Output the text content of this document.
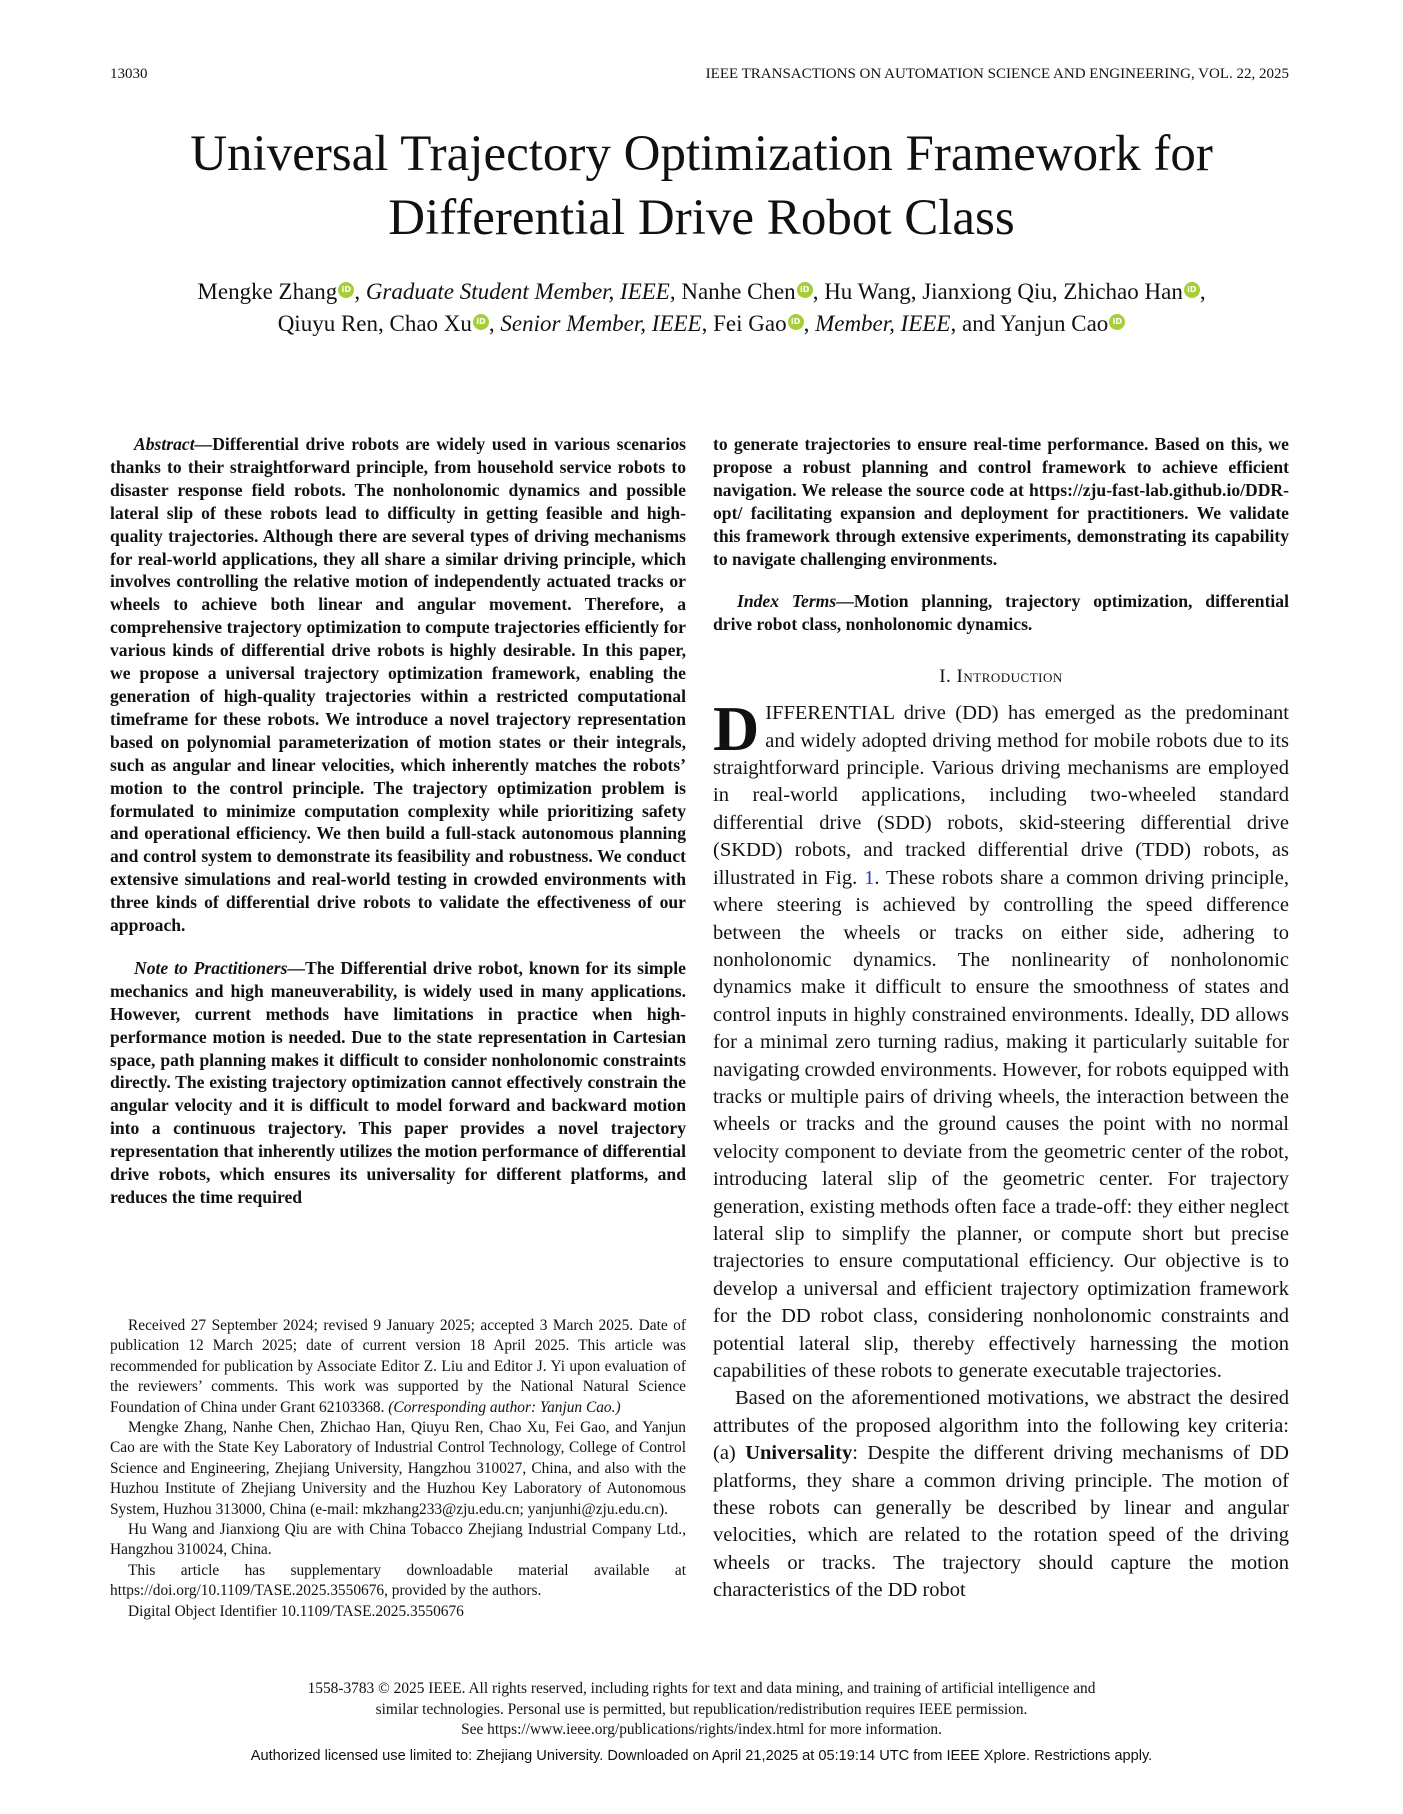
13030	IEEE TRANSACTIONS ON AUTOMATION SCIENCE AND ENGINEERING, VOL. 22, 2025
Universal Trajectory Optimization Framework for Differential Drive Robot Class
Mengke Zhang iD , Graduate Student Member, IEEE, Nanhe Chen iD , Hu Wang, Jianxiong Qiu, Zhichao Han iD ,
Qiuyu Ren, Chao Xu iD , Senior Member, IEEE, Fei Gao iD , Member, IEEE, and Yanjun Cao iD

Abstract—Differential drive robots are widely used in various scenarios thanks to their straightforward principle, from household service robots to disaster response field robots. The nonholonomic dynamics and possible lateral slip of these robots lead to difficulty in getting feasible and high-quality trajectories. Although there are several types of driving mechanisms for real-world applications, they all share a similar driving principle, which involves controlling the relative motion of independently actuated tracks or wheels to achieve both linear and angular movement. Therefore, a comprehensive trajectory optimization to compute trajectories efficiently for various kinds of differential drive robots is highly desirable. In this paper, we propose a universal trajectory optimization framework, enabling the generation of high-quality trajectories within a restricted computational timeframe for these robots. We introduce a novel trajectory representation based on polynomial parameterization of motion states or their integrals, such as angular and linear velocities, which inherently matches the robots’ motion to the control principle. The trajectory optimization problem is formulated to minimize computation complexity while prioritizing safety and operational efficiency. We then build a full-stack autonomous planning and control system to demonstrate its feasibility and robustness. We conduct extensive simulations and real-world testing in crowded environments with three kinds of differential drive robots to validate the effectiveness of our approach.

Note to Practitioners—The Differential drive robot, known for its simple mechanics and high maneuverability, is widely used in many applications. However, current methods have limitations in practice when high-performance motion is needed. Due to the state representation in Cartesian space, path planning makes it difficult to consider nonholonomic constraints directly. The existing trajectory optimization cannot effectively constrain the angular velocity and it is difficult to model forward and backward motion into a continuous trajectory. This paper provides a novel trajectory representation that inherently utilizes the motion performance of differential drive robots, which ensures its universality for different platforms, and reduces the time required

Received 27 September 2024; revised 9 January 2025; accepted 3 March 2025. Date of publication 12 March 2025; date of current version 18 April 2025. This article was recommended for publication by Associate Editor Z. Liu and Editor J. Yi upon evaluation of the reviewers’ comments. This work was supported by the National Natural Science Foundation of China under Grant 62103368. (Corresponding author: Yanjun Cao.)

Mengke Zhang, Nanhe Chen, Zhichao Han, Qiuyu Ren, Chao Xu, Fei Gao, and Yanjun Cao are with the State Key Laboratory of Industrial Control Technology, College of Control Science and Engineering, Zhejiang University, Hangzhou 310027, China, and also with the Huzhou Institute of Zhejiang University and the Huzhou Key Laboratory of Autonomous System, Huzhou 313000, China (e-mail: mkzhang233@zju.edu.cn; yanjunhi@zju.edu.cn).

Hu Wang and Jianxiong Qiu are with China Tobacco Zhejiang Industrial Company Ltd., Hangzhou 310024, China.

This article has supplementary downloadable material available at https://doi.org/10.1109/TASE.2025.3550676, provided by the authors.

Digital Object Identifier 10.1109/TASE.2025.3550676

to generate trajectories to ensure real-time performance. Based on this, we propose a robust planning and control framework to achieve efficient navigation. We release the source code at https://zju-fast-lab.github.io/DDR-opt/ facilitating expansion and deployment for practitioners. We validate this framework through extensive experiments, demonstrating its capability to navigate challenging environments.

Index Terms—Motion planning, trajectory optimization, differential drive robot class, nonholonomic dynamics.

I. Introduction

DIFFERENTIAL drive (DD) has emerged as the predominant and widely adopted driving method for mobile robots due to its straightforward principle. Various driving mechanisms are employed in real-world applications, including two-wheeled standard differential drive (SDD) robots, skid-steering differential drive (SKDD) robots, and tracked differential drive (TDD) robots, as illustrated in Fig. 1. These robots share a common driving principle, where steering is achieved by controlling the speed difference between the wheels or tracks on either side, adhering to nonholonomic dynamics. The nonlinearity of nonholonomic dynamics make it difficult to ensure the smoothness of states and control inputs in highly constrained environments. Ideally, DD allows for a minimal zero turning radius, making it particularly suitable for navigating crowded environments. However, for robots equipped with tracks or multiple pairs of driving wheels, the interaction between the wheels or tracks and the ground causes the point with no normal velocity component to deviate from the geometric center of the robot, introducing lateral slip of the geometric center. For trajectory generation, existing methods often face a trade-off: they either neglect lateral slip to simplify the planner, or compute short but precise trajectories to ensure computational efficiency. Our objective is to develop a universal and efficient trajectory optimization framework for the DD robot class, considering nonholonomic constraints and potential lateral slip, thereby effectively harnessing the motion capabilities of these robots to generate executable trajectories.

Based on the aforementioned motivations, we abstract the desired attributes of the proposed algorithm into the following key criteria: (a) Universality: Despite the different driving mechanisms of DD platforms, they share a common driving principle. The motion of these robots can generally be described by linear and angular velocities, which are related to the rotation speed of the driving wheels or tracks. The trajectory should capture the motion characteristics of the DD robot

1558-3783 © 2025 IEEE. All rights reserved, including rights for text and data mining, and training of artificial intelligence and
similar technologies. Personal use is permitted, but republication/redistribution requires IEEE permission.
See https://www.ieee.org/publications/rights/index.html for more information.
Authorized licensed use limited to: Zhejiang University. Downloaded on April 21,2025 at 05:19:14 UTC from IEEE Xplore. Restrictions apply.
